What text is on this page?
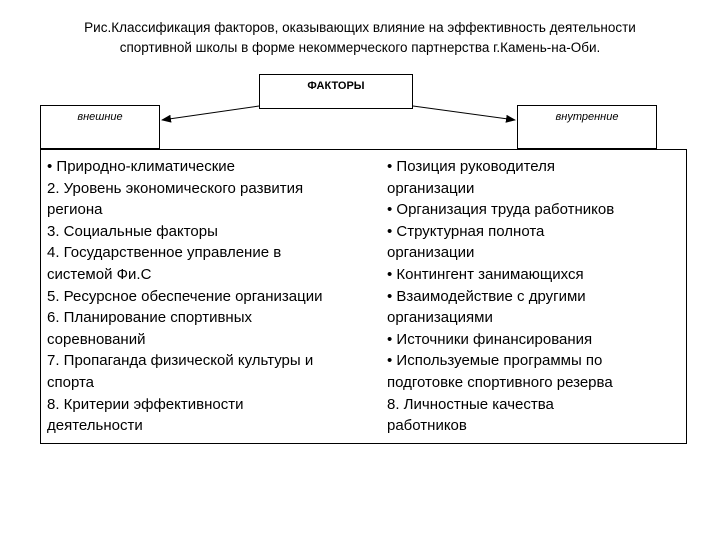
Рис.Классификация факторов, оказывающих влияние на эффективность деятельности
спортивной школы в форме некоммерческого партнерства г.Камень-на-Оби.
ФАКТОРЫ
внешние	внутренние
• Природно-климатические
2. Уровень экономического развития
региона
3. Социальные факторы
4. Государственное управление в
системой Фи.С
5. Ресурсное обеспечение организации
6. Планирование спортивных
соревнований
7. Пропаганда физической культуры и
спорта
8. Критерии эффективности
деятельности
• Позиция руководителя
организации
• Организация труда работников
• Структурная полнота
организации
• Контингент занимающихся
• Взаимодействие с другими
организациями
• Источники финансирования
• Используемые программы по
подготовке спортивного резерва
8. Личностные качества
работников
